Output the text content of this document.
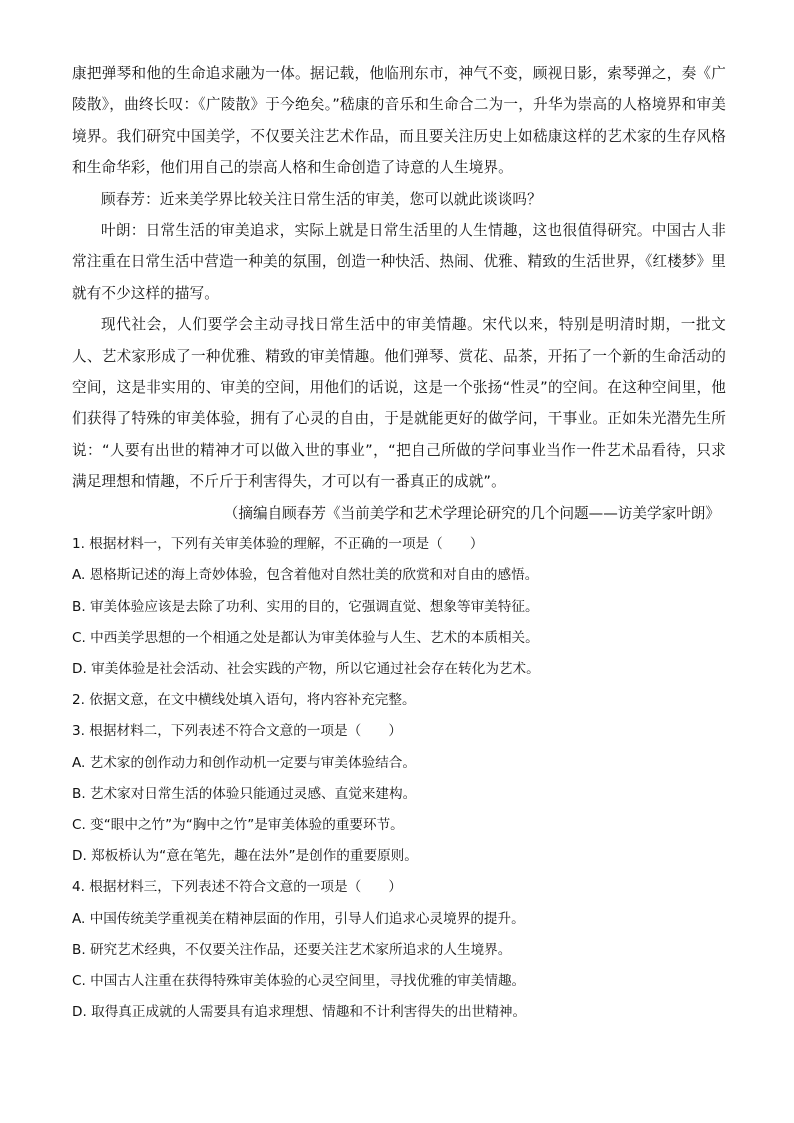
康把弹琴和他的生命追求融为一体。据记载，他临刑东市，神气不变，顾视日影，索琴弹之，奏《广陵散》，曲终长叹：《广陵散》于今绝矣。”嵇康的音乐和生命合二为一，升华为崇高的人格境界和审美境界。我们研究中国美学，不仅要关注艺术作品，而且要关注历史上如嵇康这样的艺术家的生存风格和生命华彩，他们用自己的崇高人格和生命创造了诗意的人生境界。

顾春芳：近来美学界比较关注日常生活的审美，您可以就此谈谈吗？

叶朗：日常生活的审美追求，实际上就是日常生活里的人生情趣，这也很值得研究。中国古人非常注重在日常生活中营造一种美的氛围，创造一种快活、热闹、优雅、精致的生活世界，《红楼梦》里就有不少这样的描写。

现代社会，人们要学会主动寻找日常生活中的审美情趣。宋代以来，特别是明清时期，一批文人、艺术家形成了一种优雅、精致的审美情趣。他们弹琴、赏花、品茶，开拓了一个新的生命活动的空间，这是非实用的、审美的空间，用他们的话说，这是一个张扬“性灵”的空间。在这种空间里，他们获得了特殊的审美体验，拥有了心灵的自由，于是就能更好的做学问，干事业。正如朱光潜先生所说：“人要有出世的精神才可以做入世的事业”，“把自己所做的学问事业当作一件艺术品看待，只求满足理想和情趣，不斤斤于利害得失，才可以有一番真正的成就”。

（摘编自顾春芳《当前美学和艺术学理论研究的几个问题——访美学家叶朗》

1. 根据材料一，下列有关审美体验的理解，不正确的一项是（　　）

A. 恩格斯记述的海上奇妙体验，包含着他对自然壮美的欣赏和对自由的感悟。

B. 审美体验应该是去除了功利、实用的目的，它强调直觉、想象等审美特征。

C. 中西美学思想的一个相通之处是都认为审美体验与人生、艺术的本质相关。

D. 审美体验是社会活动、社会实践的产物，所以它通过社会存在转化为艺术。

2. 依据文意，在文中横线处填入语句，将内容补充完整。

3. 根据材料二，下列表述不符合文意的一项是（　　）

A. 艺术家的创作动力和创作动机一定要与审美体验结合。

B. 艺术家对日常生活的体验只能通过灵感、直觉来建构。

C. 变“眼中之竹”为“胸中之竹”是审美体验的重要环节。

D. 郑板桥认为“意在笔先，趣在法外”是创作的重要原则。

4. 根据材料三，下列表述不符合文意的一项是（　　）

A. 中国传统美学重视美在精神层面的作用，引导人们追求心灵境界的提升。

B. 研究艺术经典，不仅要关注作品，还要关注艺术家所追求的人生境界。

C. 中国古人注重在获得特殊审美体验的心灵空间里，寻找优雅的审美情趣。

D. 取得真正成就的人需要具有追求理想、情趣和不计利害得失的出世精神。
